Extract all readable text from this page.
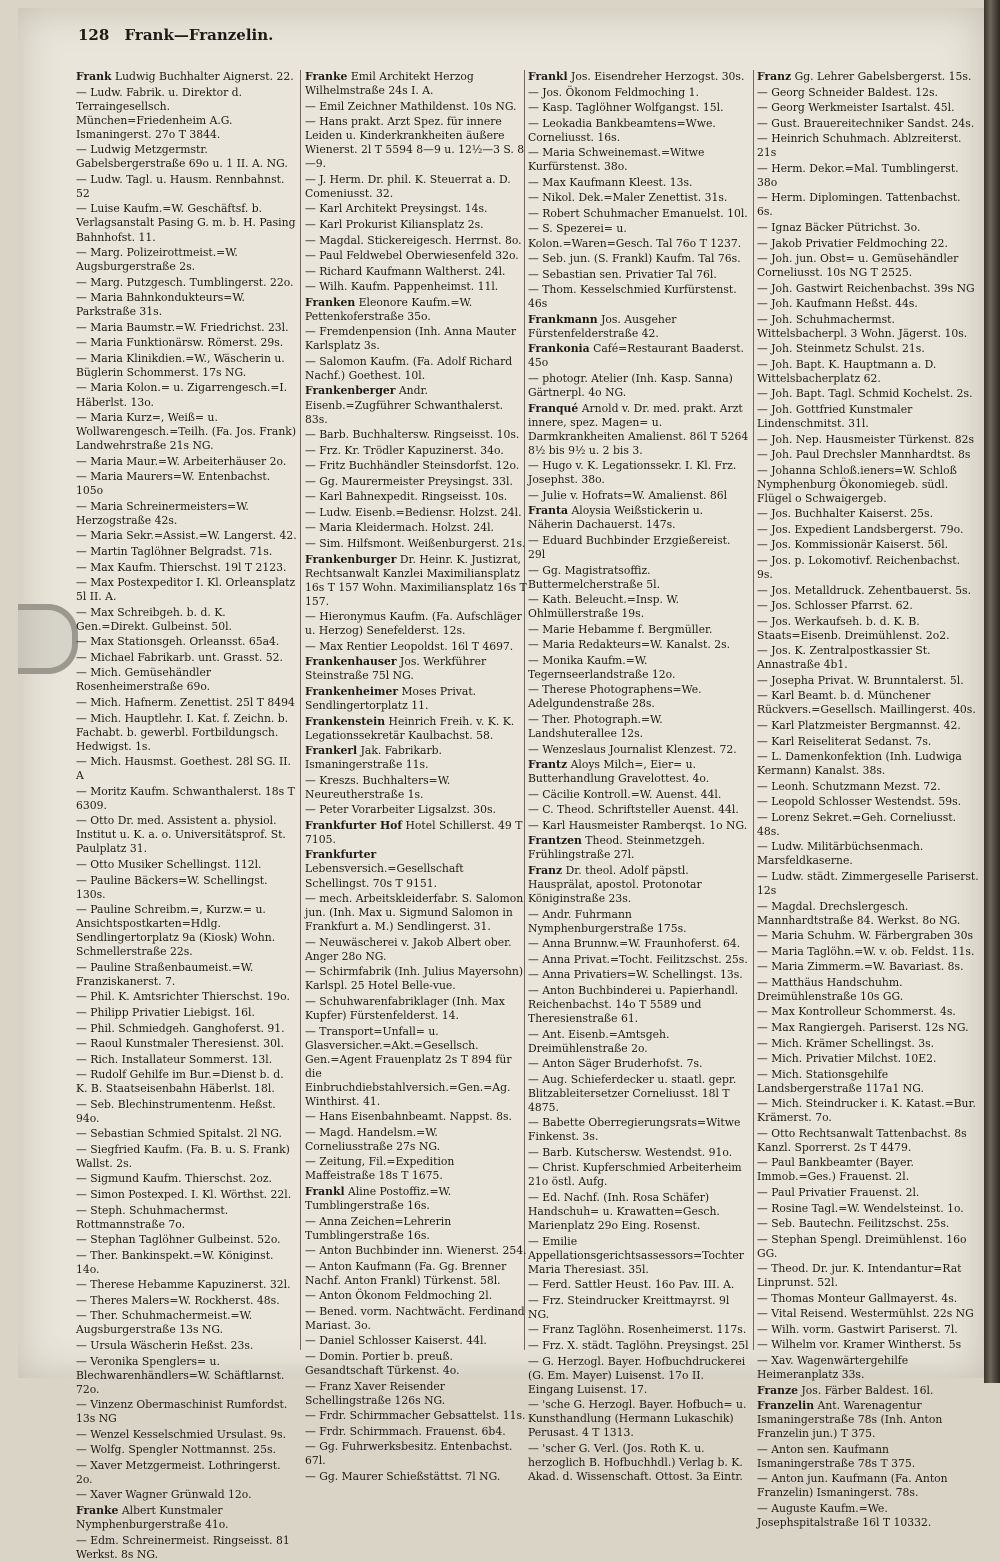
128 Frank—Franzelin.
Frank Ludwig Buchhalter Aignerst. 22.
— Ludw. Fabrik. u. Direktor d. Terraingesellsch. München=Friedenheim A.G. Ismaningerst. 27o T 3844.
— Ludwig Metzgermstr. Gabelsbergerstraße 69o u. 1 II. A. NG.
— Ludw. Tagl. u. Hausm. Rennbahnst. 52
— Luise Kaufm.=W. Geschäftsf. b. Verlagsanstalt Pasing G. m. b. H. Pasing Bahnhofst. 11.
— Marg. Polizeirottmeist.=W. Augsburgerstraße 2s.
— Marg. Putzgesch. Tumblingerst. 22o.
— Maria Bahnkondukteurs=W. Parkstraße 31s.
— Maria Baumstr.=W. Friedrichst. 23l.
— Maria Funktionärsw. Römerst. 29s.
— Maria Klinikdien.=W., Wäscherin u. Büglerin Schommerst. 17s NG.
— Maria Kolon.= u. Zigarrengesch.=I. Häberlst. 13o.
— Maria Kurz=, Weiß= u. Wollwarengesch.=Teilh. (Fa. Jos. Frank) Landwehrstraße 21s NG.
— Maria Maur.=W. Arbeiterhäuser 2o.
— Maria Maurers=W. Entenbachst. 105o
— Maria Schreinermeisters=W. Herzogstraße 42s.
— Maria Sekr.=Assist.=W. Langerst. 42.
— Martin Taglöhner Belgradst. 71s.
— Max Kaufm. Thierschst. 19l T 2123.
— Max Postexpeditor I. Kl. Orleansplatz 5l II. A.
— Max Schreibgeh. b. d. K. Gen.=Direkt. Gulbeinst. 50l.
— Max Stationsgeh. Orleansst. 65a4.
— Michael Fabrikarb. unt. Grasst. 52.
— Mich. Gemüsehändler Rosenheimerstraße 69o.
— Mich. Hafnerm. Zenettist. 25l T 8494
— Mich. Hauptlehr. I. Kat. f. Zeichn. b. Fachabt. b. gewerbl. Fortbildungsch. Hedwigst. 1s.
— Mich. Hausmst. Goethest. 28l SG. II. A
— Moritz Kaufm. Schwanthalerst. 18s T 6309.
— Otto Dr. med. Assistent a. physiol. Institut u. K. a. o. Universitätsprof. St. Paulplatz 31.
— Otto Musiker Schellingst. 112l.
— Pauline Bäckers=W. Schellingst. 130s.
— Pauline Schreibm.=, Kurzw.= u. Ansichtspostkarten=Hdlg. Sendlingertorplatz 9a (Kiosk) Wohn. Schmellerstraße 22s.
— Pauline Straßenbaumeist.=W. Franziskanerst. 7.
— Phil. K. Amtsrichter Thierschst. 19o.
— Philipp Privatier Liebigst. 16l.
— Phil. Schmiedgeh. Ganghoferst. 91.
— Raoul Kunstmaler Theresienst. 30l.
— Rich. Installateur Sommerst. 13l.
— Rudolf Gehilfe im Bur.=Dienst b. d. K. B. Staatseisenbahn Häberlst. 18l.
— Seb. Blechinstrumentenm. Heßst. 94o.
— Sebastian Schmied Spitalst. 2l NG.
— Siegfried Kaufm. (Fa. B. u. S. Frank) Wallst. 2s.
— Sigmund Kaufm. Thierschst. 2oz.
— Simon Postexped. I. Kl. Wörthst. 22l.
— Steph. Schuhmachermst. Rottmannstraße 7o.
— Stephan Taglöhner Gulbeinst. 52o.
— Ther. Bankinspekt.=W. Königinst. 14o.
— Therese Hebamme Kapuzinerst. 32l.
— Theres Malers=W. Rockherst. 48s.
— Ther. Schuhmachermeist.=W. Augsburgerstraße 13s NG.
— Ursula Wäscherin Heßst. 23s.
— Veronika Spenglers= u. Blechwarenhändlers=W. Schäftlarnst. 72o.
— Vinzenz Obermaschinist Rumfordst. 13s NG
— Wenzel Kesselschmied Ursulast. 9s.
— Wolfg. Spengler Nottmannst. 25s.
— Xaver Metzgermeist. Lothringerst. 2o.
— Xaver Wagner Grünwald 12o.
Franke Albert Kunstmaler Nymphenburgerstraße 41o.
— Edm. Schreinermeist. Ringseisst. 81 Werkst. 8s NG.
Franke Emil Architekt Herzog Wilhelmstraße 24s I. A.
— Emil Zeichner Mathildenst. 10s NG.
— Hans prakt. Arzt Spez. für innere Leiden u. Kinderkrankheiten äußere Wienerst. 2l T 5594 8—9 u. 12½—3 S. 8—9.
— J. Herm. Dr. phil. K. Steuerrat a. D. Comeniusst. 32.
— Karl Architekt Preysingst. 14s.
— Karl Prokurist Kiliansplatz 2s.
— Magdal. Stickereigesch. Herrnst. 8o.
— Paul Feldwebel Oberwiesenfeld 32o.
— Richard Kaufmann Waltherst. 24l.
— Wilh. Kaufm. Pappenheimst. 11l.
Franken Eleonore Kaufm.=W. Pettenkoferstraße 35o.
— Fremdenpension (Inh. Anna Mauter Karlsplatz 3s.
— Salomon Kaufm. (Fa. Adolf Richard Nachf.) Goethest. 10l.
Frankenberger Andr. Eisenb.=Zugführer Schwanthalerst. 83s.
— Barb. Buchhaltersw. Ringseisst. 10s.
— Frz. Kr. Trödler Kapuzinerst. 34o.
— Fritz Buchhändler Steinsdorfst. 12o.
— Gg. Maurermeister Preysingst. 33l.
— Karl Bahnexpedit. Ringseisst. 10s.
— Ludw. Eisenb.=Bediensr. Holzst. 24l.
— Maria Kleidermach. Holzst. 24l.
— Sim. Hilfsmont. Weißenburgerst. 21s.
Frankenburger Dr. Heinr. K. Justizrat, Rechtsanwalt Kanzlei Maximiliansplatz 16s T 157 Wohn. Maximiliansplatz 16s T 157.
— Hieronymus Kaufm. (Fa. Aufschläger u. Herzog) Senefelderst. 12s.
— Max Rentier Leopoldst. 16l T 4697.
Frankenhauser Jos. Werkführer Steinstraße 75l NG.
Frankenheimer Moses Privat. Sendlingertorplatz 11.
Frankenstein Heinrich Freih. v. K. K. Legationssekretär Kaulbachst. 58.
Frankerl Jak. Fabrikarb. Ismaningerstraße 11s.
— Kreszs. Buchhalters=W. Neureutherstraße 1s.
— Peter Vorarbeiter Ligsalzst. 30s.
Frankfurter Hof Hotel Schillerst. 49 T 7105.
Frankfurter Lebensversich.=Gesellschaft Schellingst. 70s T 9151.
— mech. Arbeitskleiderfabr. S. Salomon jun. (Inh. Max u. Sigmund Salomon in Frankfurt a. M.) Sendlingerst. 31.
— Neuwäscherei v. Jakob Albert ober. Anger 28o NG.
— Schirmfabrik (Inh. Julius Mayersohn) Karlspl. 25 Hotel Belle-vue.
— Schuhwarenfabriklager (Inh. Max Kupfer) Fürstenfelderst. 14.
— Transport=Unfall= u. Glasversicher.=Akt.=Gesellsch. Gen.=Agent Frauenplatz 2s T 894 für die Einbruchdiebstahlversich.=Gen.=Ag. Winthirst. 41.
— Hans Eisenbahnbeamt. Nappst. 8s.
— Magd. Handelsm.=W. Corneliusstraße 27s NG.
— Zeitung, Fil.=Expedition Maffeistraße 18s T 1675.
Frankl Aline Postoffiz.=W. Tumblingerstraße 16s.
— Anna Zeichen=Lehrerin Tumblingerstraße 16s.
— Anton Buchbinder inn. Wienerst. 254.
— Anton Kaufmann (Fa. Gg. Brenner Nachf. Anton Frankl) Türkenst. 58l.
— Anton Ökonom Feldmoching 2l.
— Bened. vorm. Nachtwächt. Ferdinand Mariast. 3o.
— Daniel Schlosser Kaiserst. 44l.
— Domin. Portier b. preuß. Gesandtschaft Türkenst. 4o.
— Franz Xaver Reisender Schellingstraße 126s NG.
— Frdr. Schirmmacher Gebsattelst. 11s.
— Frdr. Schirmmach. Frauenst. 6b4.
— Gg. Fuhrwerksbesitz. Entenbachst. 67l.
— Gg. Maurer Schießstättst. 7l NG.
Frankl Jos. Eisendreher Herzogst. 30s.
— Jos. Ökonom Feldmoching 1.
— Kasp. Taglöhner Wolfgangst. 15l.
— Leokadia Bankbeamtens=Wwe. Corneliusst. 16s.
— Maria Schweinemast.=Witwe Kurfürstenst. 38o.
— Max Kaufmann Kleest. 13s.
— Nikol. Dek.=Maler Zenettist. 31s.
— Robert Schuhmacher Emanuelst. 10l.
— S. Spezerei= u. Kolon.=Waren=Gesch. Tal 76o T 1237.
— Seb. jun. (S. Frankl) Kaufm. Tal 76s.
— Sebastian sen. Privatier Tal 76l.
— Thom. Kesselschmied Kurfürstenst. 46s
Frankmann Jos. Ausgeher Fürstenfelderstraße 42.
Frankonia Café=Restaurant Baaderst. 45o
— photogr. Atelier (Inh. Kasp. Sanna) Gärtnerpl. 4o NG.
Franqué Arnold v. Dr. med. prakt. Arzt innere, spez. Magen= u. Darmkrankheiten Amalienst. 86l T 5264 8½ bis 9½ u. 2 bis 3.
— Hugo v. K. Legationssekr. I. Kl. Frz. Josephst. 38o.
— Julie v. Hofrats=W. Amalienst. 86l
Franta Aloysia Weißstickerin u. Näherin Dachauerst. 147s.
— Eduard Buchbinder Erzgießereist. 29l
— Gg. Magistratsoffiz. Buttermelcherstraße 5l.
— Kath. Beleucht.=Insp. W. Ohlmüllerstraße 19s.
— Marie Hebamme f. Bergmüller.
— Maria Redakteurs=W. Kanalst. 2s.
— Monika Kaufm.=W. Tegernseerlandstraße 12o.
— Therese Photographens=We. Adelgundenstraße 28s.
— Ther. Photograph.=W. Landshuterallee 12s.
— Wenzeslaus Journalist Klenzest. 72.
Frantz Aloys Milch=, Eier= u. Butterhandlung Gravelottest. 4o.
— Cäcilie Kontroll.=W. Auenst. 44l.
— C. Theod. Schriftsteller Auenst. 44l.
— Karl Hausmeister Ramberqst. 1o NG.
Frantzen Theod. Steinmetzgeh. Frühlingstraße 27l.
Franz Dr. theol. Adolf päpstl. Hausprälat, apostol. Protonotar Königinstraße 23s.
— Andr. Fuhrmann Nymphenburgerstraße 175s.
— Anna Brunnw.=W. Fraunhoferst. 64.
— Anna Privat.=Tocht. Feilitzschst. 25s.
— Anna Privatiers=W. Schellingst. 13s.
— Anton Buchbinderei u. Papierhandl. Reichenbachst. 14o T 5589 und Theresienstraße 61.
— Ant. Eisenb.=Amtsgeh. Dreimühlenstraße 2o.
— Anton Säger Bruderhofst. 7s.
— Aug. Schieferdecker u. staatl. gepr. Blitzableitersetzer Corneliusst. 18l T 4875.
— Babette Oberregierungsrats=Witwe Finkenst. 3s.
— Barb. Kutschersw. Westendst. 91o.
— Christ. Kupferschmied Arbeiterheim 21o östl. Aufg.
— Ed. Nachf. (Inh. Rosa Schäfer) Handschuh= u. Krawatten=Gesch. Marienplatz 29o Eing. Rosenst.
— Emilie Appellationsgerichtsassessors=Tochter Maria Theresiast. 35l.
— Ferd. Sattler Heust. 16o Pav. III. A.
— Frz. Steindrucker Kreittmayrst. 9l NG.
— Franz Taglöhn. Rosenheimerst. 117s.
— Frz. X. städt. Taglöhn. Preysingst. 25l
— G. Herzogl. Bayer. Hofbuchdruckerei (G. Em. Mayer) Luisenst. 17o II. Eingang Luisenst. 17.
— 'sche G. Herzogl. Bayer. Hofbuch= u. Kunsthandlung (Hermann Lukaschik) Perusast. 4 T 1313.
— 'scher G. Verl. (Jos. Roth K. u. herzoglich B. Hofbuchhdl.) Verlag b. K. Akad. d. Wissenschaft. Ottost. 3a Eintr.
Franz Gg. Lehrer Gabelsbergerst. 15s.
— Georg Schneider Baldest. 12s.
— Georg Werkmeister Isartalst. 45l.
— Gust. Brauereitechniker Sandst. 24s.
— Heinrich Schuhmach. Ablzreiterst. 21s
— Herm. Dekor.=Mal. Tumblingerst. 38o
— Herm. Diplomingen. Tattenbachst. 6s.
— Ignaz Bäcker Pütrichst. 3o.
— Jakob Privatier Feldmoching 22.
— Joh. jun. Obst= u. Gemüsehändler Corneliusst. 10s NG T 2525.
— Joh. Gastwirt Reichenbachst. 39s NG
— Joh. Kaufmann Heßst. 44s.
— Joh. Schuhmachermst. Wittelsbacherpl. 3 Wohn. Jägerst. 10s.
— Joh. Steinmetz Schulst. 21s.
— Joh. Bapt. K. Hauptmann a. D. Wittelsbacherplatz 62.
— Joh. Bapt. Tagl. Schmid Kochelst. 2s.
— Joh. Gottfried Kunstmaler Lindenschmitst. 31l.
— Joh. Nep. Hausmeister Türkenst. 82s
— Joh. Paul Drechsler Mannhardtst. 8s
— Johanna Schloß.ieners=W. Schloß Nymphenburg Ökonomiegeb. südl. Flügel o Schwaigergeb.
— Jos. Buchhalter Kaiserst. 25s.
— Jos. Expedient Landsbergerst. 79o.
— Jos. Kommissionär Kaiserst. 56l.
— Jos. p. Lokomotivf. Reichenbachst. 9s.
— Jos. Metalldruck. Zehentbauerst. 5s.
— Jos. Schlosser Pfarrst. 62.
— Jos. Werkaufseh. b. d. K. B. Staats=Eisenb. Dreimühlenst. 2o2.
— Jos. K. Zentralpostkassier St. Annastraße 4b1.
— Josepha Privat. W. Brunntalerst. 5l.
— Karl Beamt. b. d. Münchener Rückvers.=Gesellsch. Maillingerst. 40s.
— Karl Platzmeister Bergmannst. 42.
— Karl Reiseliterat Sedanst. 7s.
— L. Damenkonfektion (Inh. Ludwiga Kermann) Kanalst. 38s.
— Leonh. Schutzmann Mezst. 72.
— Leopold Schlosser Westendst. 59s.
— Lorenz Sekret.=Geh. Corneliusst. 48s.
— Ludw. Militärbüchsenmach. Marsfeldkaserne.
— Ludw. städt. Zimmergeselle Pariserst. 12s
— Magdal. Drechslergesch. Mannhardtstraße 84. Werkst. 8o NG.
— Maria Schuhm. W. Färbergraben 30s
— Maria Taglöhn.=W. v. ob. Feldst. 11s.
— Maria Zimmerm.=W. Bavariast. 8s.
— Matthäus Handschuhm. Dreimühlenstraße 10s GG.
— Max Kontrolleur Schommerst. 4s.
— Max Rangiergeh. Pariserst. 12s NG.
— Mich. Krämer Schellingst. 3s.
— Mich. Privatier Milchst. 10E2.
— Mich. Stationsgehilfe Landsbergerstraße 117a1 NG.
— Mich. Steindrucker i. K. Katast.=Bur. Krämerst. 7o.
— Otto Rechtsanwalt Tattenbachst. 8s Kanzl. Sporrerst. 2s T 4479.
— Paul Bankbeamter (Bayer. Immob.=Ges.) Frauenst. 2l.
— Paul Privatier Frauenst. 2l.
— Rosine Tagl.=W. Wendelsteinst. 1o.
— Seb. Bautechn. Feilitzschst. 25s.
— Stephan Spengl. Dreimühlenst. 16o GG.
— Theod. Dr. jur. K. Intendantur=Rat Linprunst. 52l.
— Thomas Monteur Gallmayerst. 4s.
— Vital Reisend. Westermühlst. 22s NG
— Wilh. vorm. Gastwirt Pariserst. 7l.
— Wilhelm vor. Kramer Wintherst. 5s
— Xav. Wagenwärtergehilfe Heimeranplatz 33s.
Franze Jos. Färber Baldest. 16l.
Franzelin Ant. Warenagentur Ismaningerstraße 78s (Inh. Anton Franzelin jun.) T 375.
— Anton sen. Kaufmann Ismaningerstraße 78s T 375.
— Anton jun. Kaufmann (Fa. Anton Franzelin) Ismaningerst. 78s.
— Auguste Kaufm.=We. Josephspitalstraße 16l T 10332.
